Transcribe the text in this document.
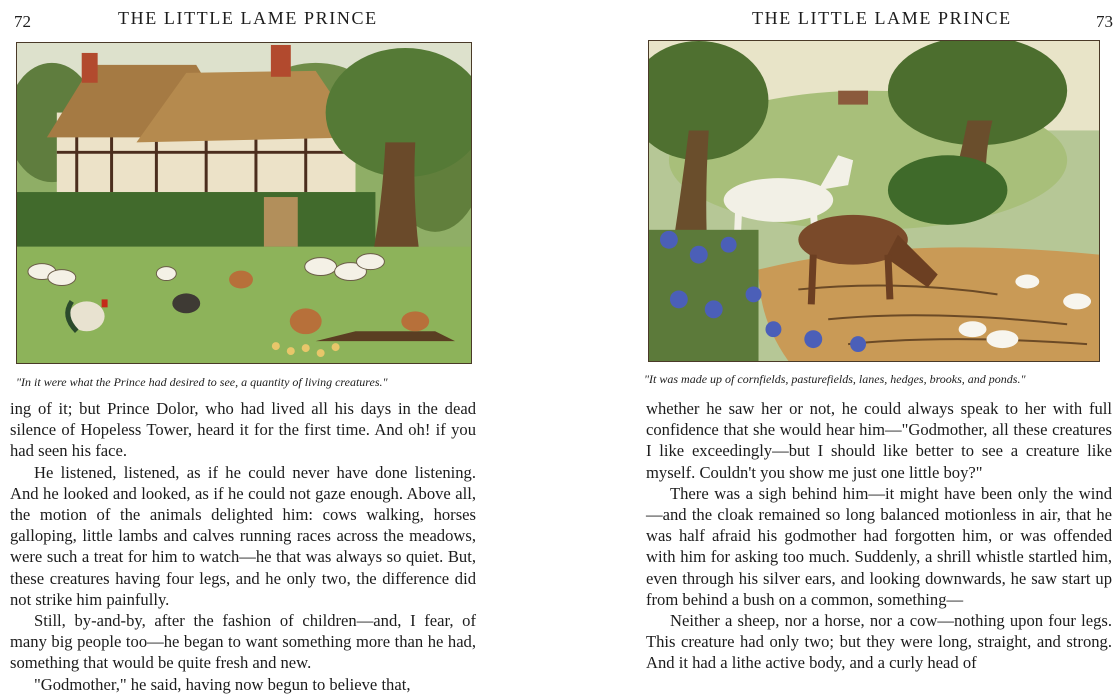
72	THE LITTLE LAME PRINCE
"In it were what the Prince had desired to see, a quantity of living creatures."

ing of it; but Prince Dolor, who had lived all his days in the dead silence of Hopeless Tower, heard it for the first time. And oh! if you had seen his face.

He listened, listened, as if he could never have done listening. And he looked and looked, as if he could not gaze enough. Above all, the motion of the animals delighted him: cows walking, horses galloping, little lambs and calves running races across the meadows, were such a treat for him to watch—he that was always so quiet. But, these creatures having four legs, and he only two, the difference did not strike him painfully.

Still, by-and-by, after the fashion of children—and, I fear, of many big people too—he began to want something more than he had, something that would be quite fresh and new.

"Godmother," he said, having now begun to believe that,

THE LITTLE LAME PRINCE	73
"It was made up of cornfields, pasturefields, lanes, hedges, brooks, and ponds."

whether he saw her or not, he could always speak to her with full confidence that she would hear him—"Godmother, all these creatures I like exceedingly—but I should like better to see a creature like myself. Couldn't you show me just one little boy?"

There was a sigh behind him—it might have been only the wind—and the cloak remained so long balanced motionless in air, that he was half afraid his godmother had forgotten him, or was offended with him for asking too much. Suddenly, a shrill whistle startled him, even through his silver ears, and looking downwards, he saw start up from behind a bush on a common, something—

Neither a sheep, nor a horse, nor a cow—nothing upon four legs. This creature had only two; but they were long, straight, and strong. And it had a lithe active body, and a curly head of
